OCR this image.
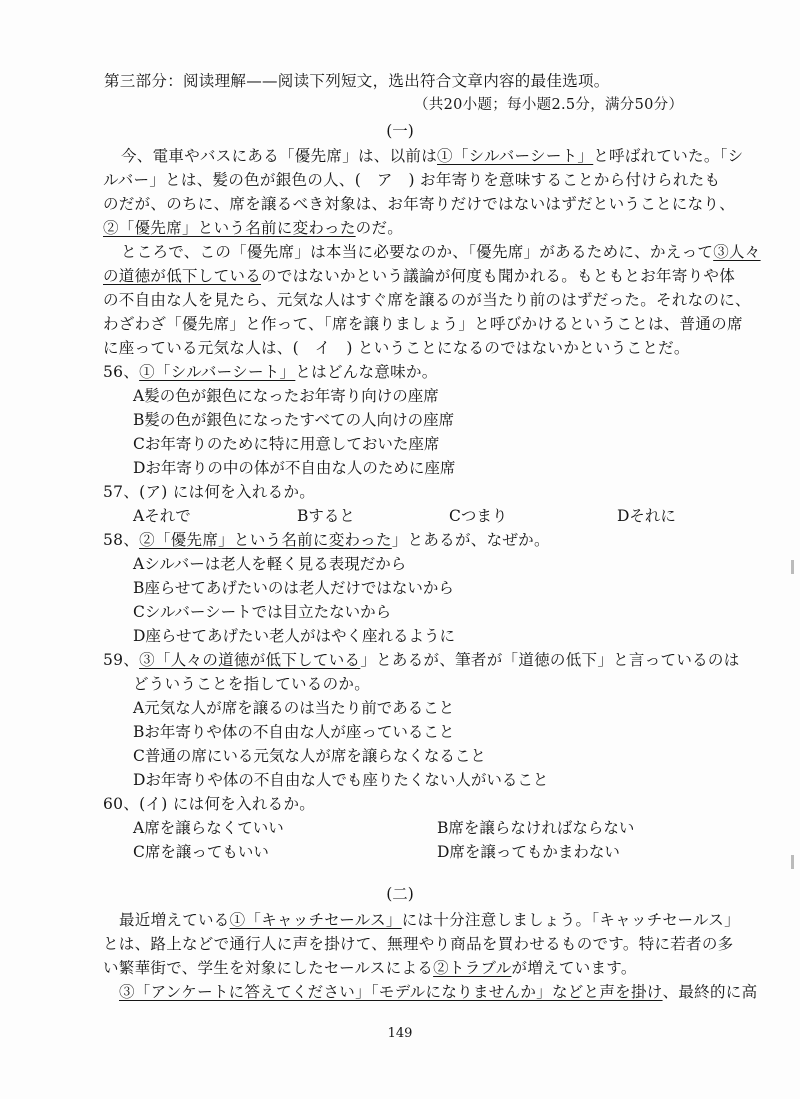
第三部分：阅读理解——阅读下列短文，选出符合文章内容的最佳选项。
（共20小题；每小题2.5分，满分50分）
(一)
今、電車やバスにある「優先席」は、以前は①「シルバーシート」と呼ばれていた。「シ
ルバー」とは、髪の色が銀色の人、(　ア　) お年寄りを意味することから付けられたも
のだが、のちに、席を譲るべき対象は、お年寄りだけではないはずだということになり、
②「優先席」という名前に変わったのだ。
ところで、この「優先席」は本当に必要なのか、「優先席」があるために、かえって③人々
の道徳が低下しているのではないかという議論が何度も聞かれる。もともとお年寄りや体
の不自由な人を見たら、元気な人はすぐ席を譲るのが当たり前のはずだった。それなのに、
わざわざ「優先席」と作って、「席を譲りましょう」と呼びかけるということは、普通の席
に座っている元気な人は、(　イ　) ということになるのではないかということだ。
56、①「シルバーシート」とはどんな意味か。
A髪の色が銀色になったお年寄り向けの座席
B髪の色が銀色になったすべての人向けの座席
Cお年寄りのために特に用意しておいた座席
Dお年寄りの中の体が不自由な人のために座席
57、(ア) には何を入れるか。
Aそれで	Bすると	Cつまり	Dそれに
58、②「優先席」という名前に変わった」とあるが、なぜか。
Aシルバーは老人を軽く見る表現だから
B座らせてあげたいのは老人だけではないから
Cシルバーシートでは目立たないから
D座らせてあげたい老人がはやく座れるように
59、③「人々の道徳が低下している」とあるが、筆者が「道徳の低下」と言っているのは
どういうことを指しているのか。
A元気な人が席を譲るのは当たり前であること
Bお年寄りや体の不自由な人が座っていること
C普通の席にいる元気な人が席を譲らなくなること
Dお年寄りや体の不自由な人でも座りたくない人がいること
60、(イ) には何を入れるか。
A席を譲らなくていい	B席を譲らなければならない
C席を譲ってもいい	D席を譲ってもかまわない
(二)
最近増えている①「キャッチセールス」には十分注意しましょう。「キャッチセールス」
とは、路上などで通行人に声を掛けて、無理やり商品を買わせるものです。特に若者の多
い繁華街で、学生を対象にしたセールスによる②トラブルが増えています。
③「アンケートに答えてください」「モデルになりませんか」などと声を掛け、最終的に高
149
